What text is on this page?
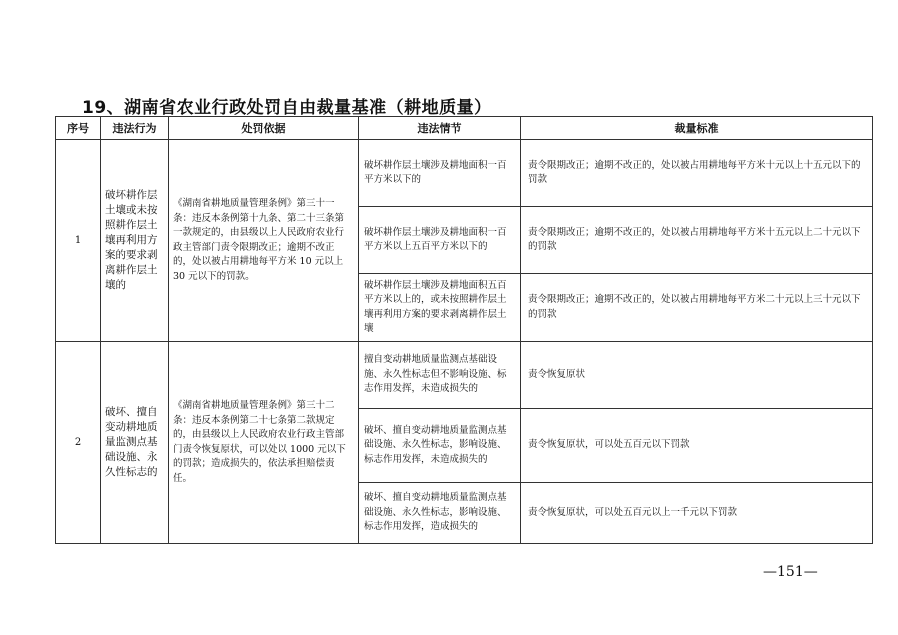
19、湖南省农业行政处罚自由裁量基准（耕地质量）
序号	违法行为	处罚依据	违法情节	裁量标准
1	破坏耕作层土壤或未按照耕作层土壤再利用方案的要求剥离耕作层土壤的	《湖南省耕地质量管理条例》第三十一条：违反本条例第十九条、第二十三条第一款规定的，由县级以上人民政府农业行政主管部门责令限期改正；逾期不改正的，处以被占用耕地每平方米 10 元以上 30 元以下的罚款。	破坏耕作层土壤涉及耕地面积一百平方米以下的	责令限期改正；逾期不改正的，处以被占用耕地每平方米十元以上十五元以下的罚款
			破坏耕作层土壤涉及耕地面积一百平方米以上五百平方米以下的	责令限期改正；逾期不改正的，处以被占用耕地每平方米十五元以上二十元以下的罚款
			破坏耕作层土壤涉及耕地面积五百平方米以上的，或未按照耕作层土壤再利用方案的要求剥离耕作层土壤	责令限期改正；逾期不改正的，处以被占用耕地每平方米二十元以上三十元以下的罚款
2	破坏、擅自变动耕地质量监测点基础设施、永久性标志的	《湖南省耕地质量管理条例》第三十二条：违反本条例第二十七条第二款规定的，由县级以上人民政府农业行政主管部门责令恢复原状，可以处以 1000 元以下的罚款；造成损失的，依法承担赔偿责任。	擅自变动耕地质量监测点基础设施、永久性标志但不影响设施、标志作用发挥，未造成损失的	责令恢复原状
			破坏、擅自变动耕地质量监测点基础设施、永久性标志，影响设施、标志作用发挥，未造成损失的	责令恢复原状，可以处五百元以下罚款
			破坏、擅自变动耕地质量监测点基础设施、永久性标志，影响设施、标志作用发挥，造成损失的	责令恢复原状，可以处五百元以上一千元以下罚款
—151—
